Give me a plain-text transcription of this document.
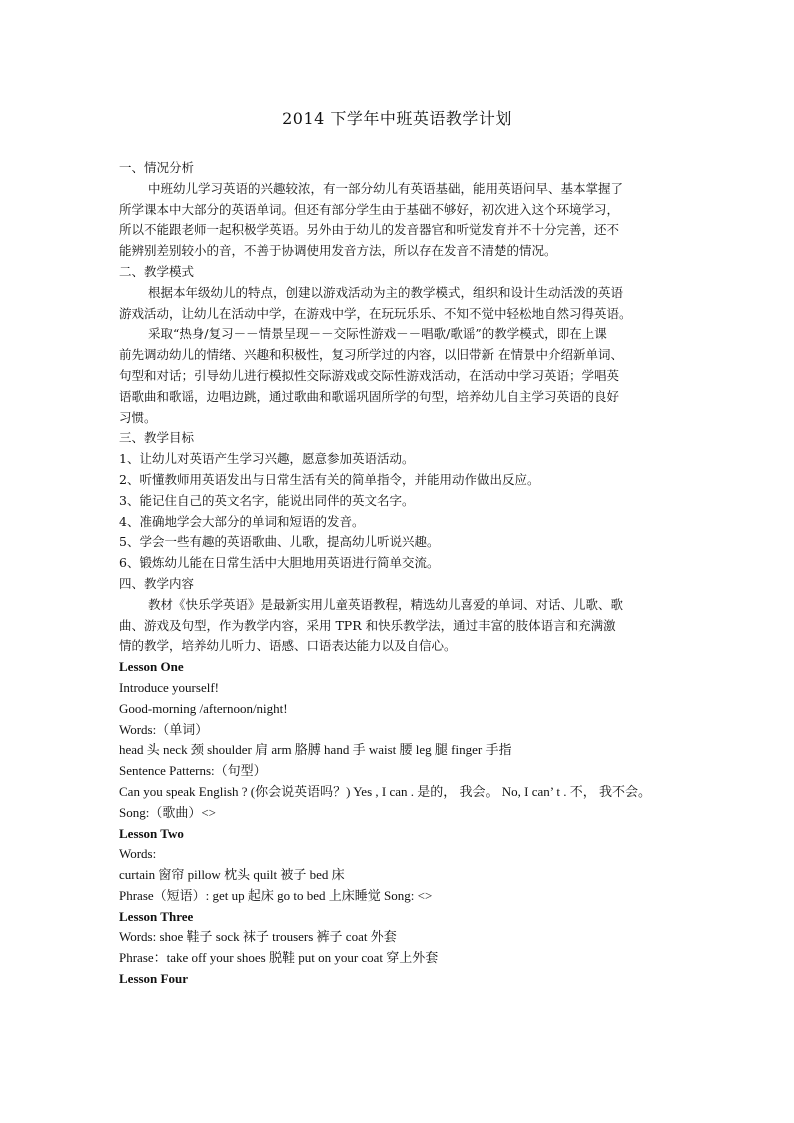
2014 下学年中班英语教学计划
一、情况分析
中班幼儿学习英语的兴趣较浓，有一部分幼儿有英语基础，能用英语问早、基本掌握了
所学课本中大部分的英语单词。但还有部分学生由于基础不够好，初次进入这个环境学习，
所以不能跟老师一起积极学英语。另外由于幼儿的发音器官和听觉发育并不十分完善，还不
能辨别差别较小的音，不善于协调使用发音方法，所以存在发音不清楚的情况。
二、教学模式
根据本年级幼儿的特点，创建以游戏活动为主的教学模式，组织和设计生动活泼的英语
游戏活动，让幼儿在活动中学，在游戏中学，在玩玩乐乐、不知不觉中轻松地自然习得英语。
采取“热身/复习－－情景呈现－－交际性游戏－－唱歌/歌谣”的教学模式，即在上课
前先调动幼儿的情绪、兴趣和积极性，复习所学过的内容，以旧带新 在情景中介绍新单词、
句型和对话；引导幼儿进行模拟性交际游戏或交际性游戏活动，在活动中学习英语；学唱英
语歌曲和歌谣，边唱边跳，通过歌曲和歌谣巩固所学的句型，培养幼儿自主学习英语的良好
习惯。
三、教学目标
1、让幼儿对英语产生学习兴趣，愿意参加英语活动。
2、听懂教师用英语发出与日常生活有关的简单指令，并能用动作做出反应。
3、能记住自己的英文名字，能说出同伴的英文名字。
4、准确地学会大部分的单词和短语的发音。
5、学会一些有趣的英语歌曲、儿歌，提高幼儿听说兴趣。
6、锻炼幼儿能在日常生活中大胆地用英语进行简单交流。
四、教学内容
教材《快乐学英语》是最新实用儿童英语教程，精选幼儿喜爱的单词、对话、儿歌、歌
曲、游戏及句型，作为教学内容，采用 TPR 和快乐教学法，通过丰富的肢体语言和充满激
情的教学，培养幼儿听力、语感、口语表达能力以及自信心。
Lesson One
Introduce yourself!
Good-morning /afternoon/night!
Words:（单词）
head 头 neck 颈 shoulder 肩 arm 胳膊 hand 手 waist 腰 leg 腿 finger 手指
Sentence Patterns:（句型）
Can you speak English ? (你会说英语吗？) Yes , I can . 是的， 我会。 No, I can’ t . 不， 我不会。
Song:（歌曲）<>
Lesson Two
Words:
curtain 窗帘 pillow 枕头 quilt 被子 bed 床
Phrase（短语）: get up 起床 go to bed 上床睡觉 Song: <>
Lesson Three
Words: shoe 鞋子 sock 袜子 trousers 裤子 coat 外套
Phrase：take off your shoes 脱鞋 put on your coat 穿上外套
Lesson Four
